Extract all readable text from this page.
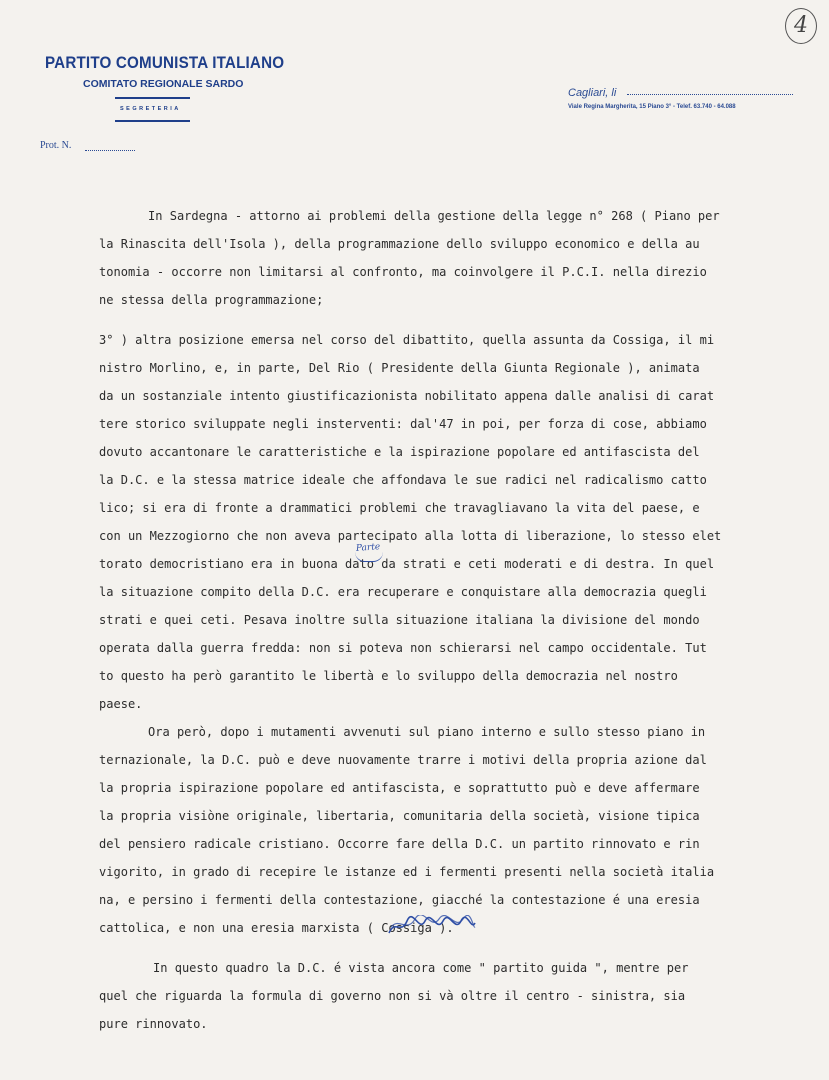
4
PARTITO COMUNISTA ITALIANO
COMITATO REGIONALE SARDO
SEGRETERIA
Cagliari, li
Viale Regina Margherita, 15 Piano 3° - Telef. 63.740 - 64.088
Prot. N.
In Sardegna - attorno ai problemi della gestione della legge n° 268 ( Piano per
la Rinascita dell'Isola ), della programmazione dello sviluppo economico e della au
tonomia - occorre non limitarsi al confronto, ma coinvolgere il P.C.I. nella direzio
ne stessa della programmazione;
3° ) altra posizione emersa nel corso del dibattito, quella assunta da Cossiga, il mi
nistro Morlino, e, in parte, Del Rio ( Presidente della Giunta Regionale ), animata
da un sostanziale intento giustificazionista nobilitato appena dalle analisi di carat
tere storico sviluppate negli insterventi: dal'47 in poi, per forza di cose, abbiamo
dovuto accantonare le caratteristiche e la ispirazione popolare ed antifascista del
la D.C. e la stessa matrice ideale che affondava le sue radici nel radicalismo catto
lico; si era di fronte a drammatici problemi che travagliavano la vita del paese, e
con un Mezzogiorno che non aveva partecipato alla lotta di liberazione, lo stesso elet
torato democristiano era in buona dato da strati e ceti moderati e di destra. In quel
la situazione compito della D.C. era recuperare e conquistare alla democrazia quegli
strati e quei ceti. Pesava inoltre sulla situazione italiana la divisione del mondo
operata dalla guerra fredda: non si poteva non schierarsi nel campo occidentale. Tut
to questo ha però garantito le libertà e lo sviluppo della democrazia nel nostro
paese.
Ora però, dopo i mutamenti avvenuti sul piano interno e sullo stesso piano in
ternazionale, la D.C. può e deve nuovamente trarre i motivi della propria azione dal
la propria ispirazione popolare ed antifascista, e soprattutto può e deve affermare
la propria visiòne originale, libertaria, comunitaria della società, visione tipica
del pensiero radicale cristiano. Occorre fare della D.C. un partito rinnovato e rin
vigorito, in grado di recepire le istanze ed i fermenti presenti nella società italia
na, e persino i fermenti della contestazione, giacché la contestazione é una eresia
cattolica, e non una eresia marxista ( Cossiga ).
In questo quadro la D.C. é vista ancora come " partito guida ", mentre per
quel che riguarda la formula di governo non si và oltre il centro - sinistra, sia
pure rinnovato.
Parte
